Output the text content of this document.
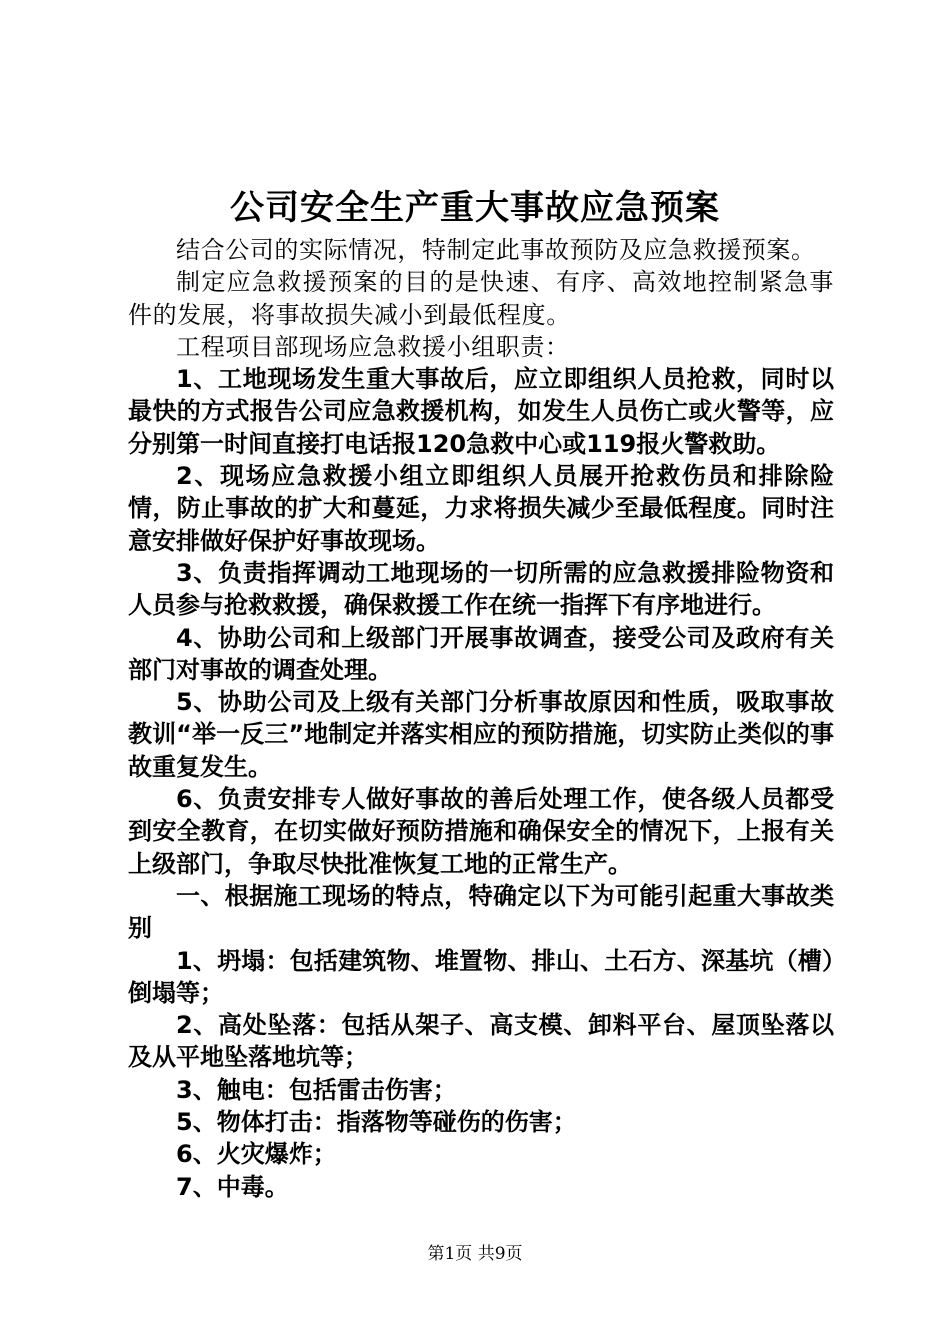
公司安全生产重大事故应急预案

结合公司的实际情况，特制定此事故预防及应急救援预案。

制定应急救援预案的目的是快速、有序、高效地控制紧急事件的发展，将事故损失减小到最低程度。

工程项目部现场应急救援小组职责：

1、工地现场发生重大事故后，应立即组织人员抢救，同时以最快的方式报告公司应急救援机构，如发生人员伤亡或火警等，应分别第一时间直接打电话报120急救中心或119报火警救助。

2、现场应急救援小组立即组织人员展开抢救伤员和排除险情，防止事故的扩大和蔓延，力求将损失减少至最低程度。同时注意安排做好保护好事故现场。

3、负责指挥调动工地现场的一切所需的应急救援排险物资和人员参与抢救救援，确保救援工作在统一指挥下有序地进行。

4、协助公司和上级部门开展事故调查，接受公司及政府有关部门对事故的调查处理。

5、协助公司及上级有关部门分析事故原因和性质，吸取事故教训“举一反三”地制定并落实相应的预防措施，切实防止类似的事故重复发生。

6、负责安排专人做好事故的善后处理工作，使各级人员都受到安全教育，在切实做好预防措施和确保安全的情况下，上报有关上级部门，争取尽快批准恢复工地的正常生产。

一、根据施工现场的特点，特确定以下为可能引起重大事故类别

1、坍塌：包括建筑物、堆置物、排山、土石方、深基坑（槽）倒塌等；

2、高处坠落：包括从架子、高支模、卸料平台、屋顶坠落以及从平地坠落地坑等；

3、触电：包括雷击伤害；

5、物体打击：指落物等碰伤的伤害；

6、火灾爆炸；

7、中毒。

第1页 共9页
